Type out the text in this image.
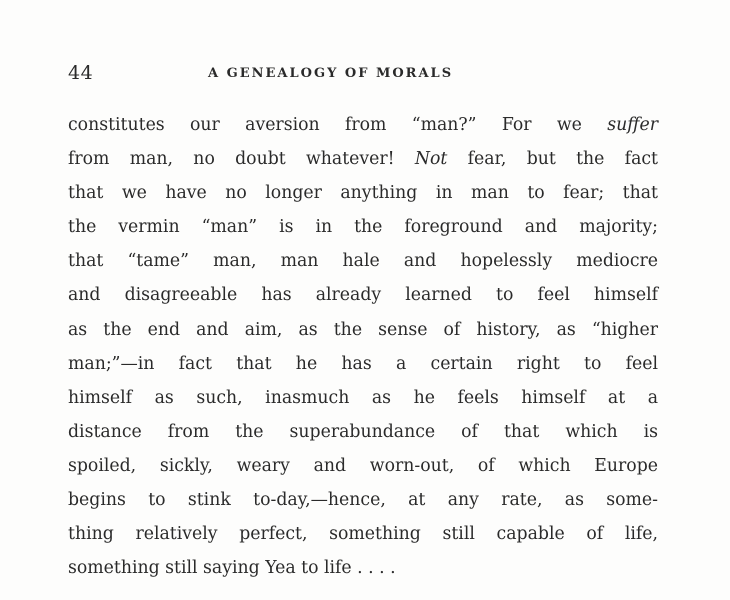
44	A GENEALOGY OF MORALS
constitutes our aversion from “man?” For we suffer
from man, no doubt whatever! Not fear, but the fact
that we have no longer anything in man to fear; that
the vermin “man” is in the foreground and majority;
that “tame” man, man hale and hopelessly mediocre
and disagreeable has already learned to feel himself
as the end and aim, as the sense of history, as “higher
man;”—in fact that he has a certain right to feel
himself as such, inasmuch as he feels himself at a
distance from the superabundance of that which is
spoiled, sickly, weary and worn-out, of which Europe
begins to stink to-day,—hence, at any rate, as some-
thing relatively perfect, something still capable of life,
something still saying Yea to life . . . .
